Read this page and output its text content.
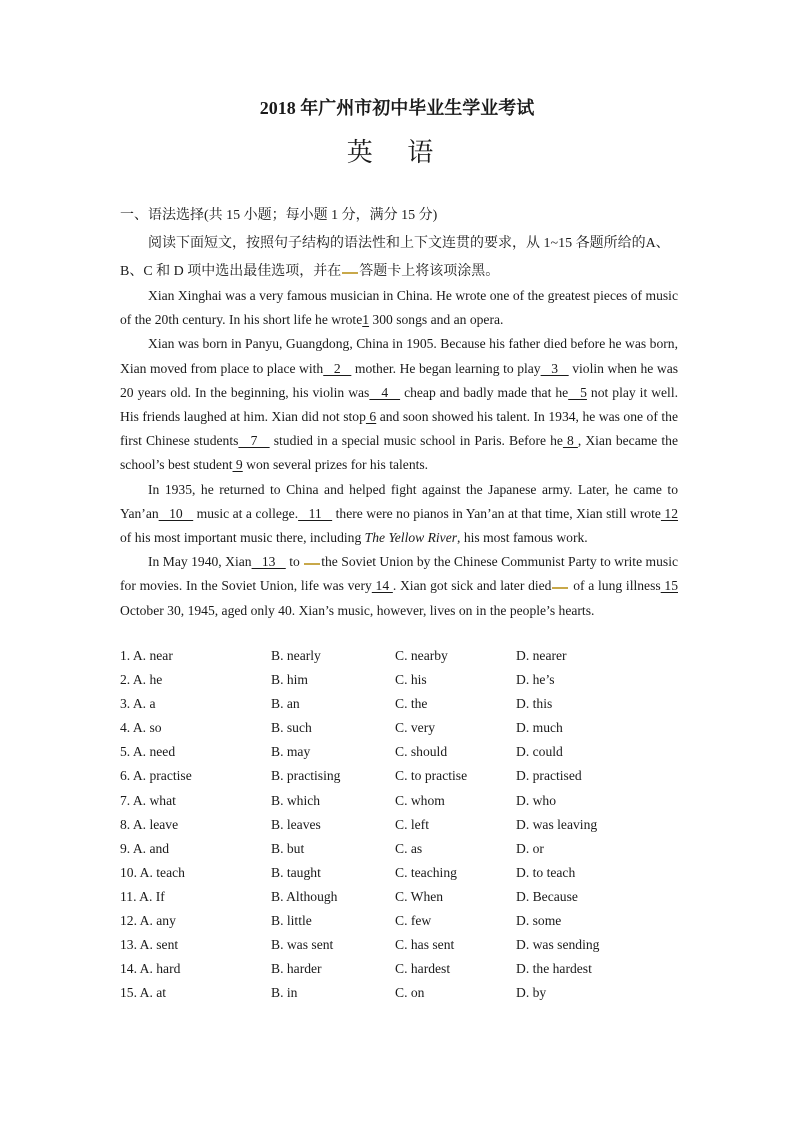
2018 年广州市初中毕业生学业考试
英 语
一、语法选择(共 15 小题；每小题 1 分，满分 15 分)
阅读下面短文，按照句子结构的语法性和上下文连贯的要求，从 1~15 各题所给的A、B、C 和 D 项中选出最佳选项，并在 答题卡上将该项涂黑。

Xian Xinghai was a very famous musician in China. He wrote one of the greatest pieces of music of the 20th century. In his short life he wrote1 300 songs and an opera.

Xian was born in Panyu, Guangdong, China in 1905. Because his father died before he was born, Xian moved from place to place with   2    mother. He began learning to play   3    violin when he was 20 years old. In the beginning, his violin was   4    cheap and badly made that he   5 not play it well. His friends laughed at him. Xian did not stop 6 and soon showed his talent. In 1934, he was one of the first Chinese students   7    studied in a special music school in Paris. Before he 8 , Xian became the school’s best student 9 won several prizes for his talents.

In 1935, he returned to China and helped fight against the Japanese army. Later, he came to Yan’an   10    music at a college.   11    there were no pianos in Yan’an at that time, Xian still wrote 12 of his most important music there, including The Yellow River, his most famous work.

In May 1940, Xian   13    to the Soviet Union by the Chinese Communist Party to write music for movies. In the Soviet Union, life was very 14 . Xian got sick and later died of a lung illness 15 October 30, 1945, aged only 40. Xian’s music, however, lives on in the people’s hearts.

1. A. near	B. nearly	C. nearby	D. nearer
2. A. he	B. him	C. his	D. he’s
3. A. a	B. an	C. the	D. this
4. A. so	B. such	C. very	D. much
5. A. need	B. may	C. should	D. could
6. A. practise	B. practising	C. to practise	D. practised
7. A. what	B. which	C. whom	D. who
8. A. leave	B. leaves	C. left	D. was leaving
9. A. and	B. but	C. as	D. or
10. A. teach	B. taught	C. teaching	D. to teach
11. A. If	B. Although	C. When	D. Because
12. A. any	B. little	C. few	D. some
13. A. sent	B. was sent	C. has sent	D. was sending
14. A. hard	B. harder	C. hardest	D. the hardest
15. A. at	B. in	C. on	D. by
